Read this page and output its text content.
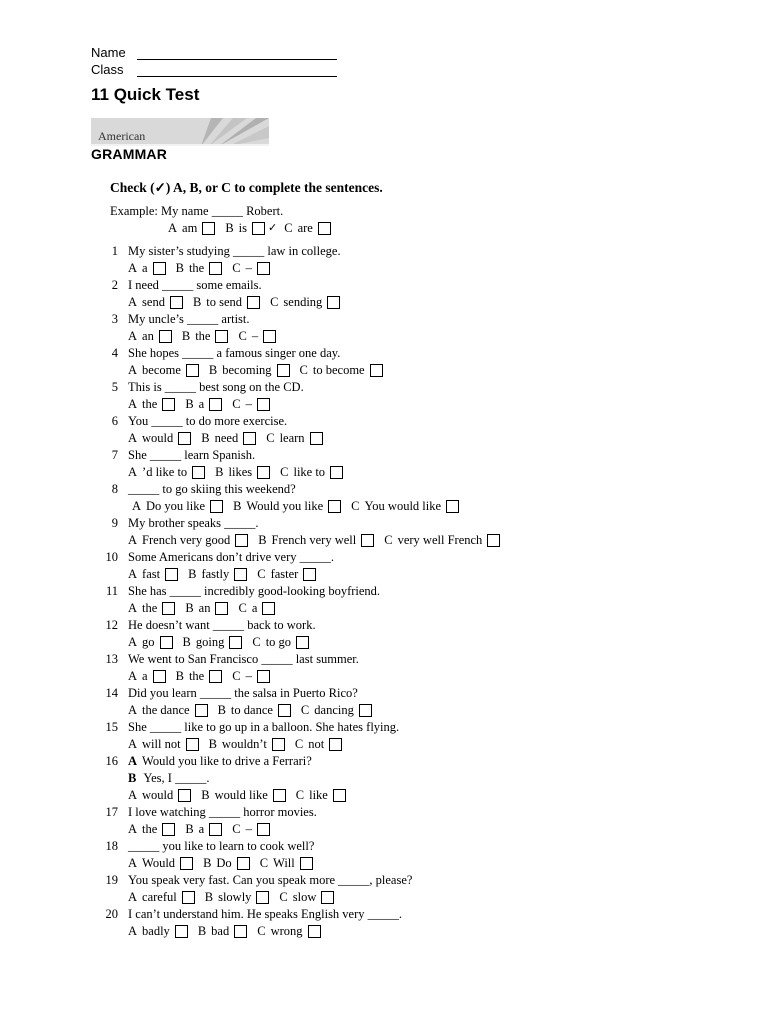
Name
Class
11 Quick Test
American
GRAMMAR
Check (✓) A, B, or C to complete the sentences.
Example: My name _____ Robert.
A am B is ✓ C are
1 My sister’s studying _____ law in college.
A a B the C –
2 I need _____ some emails.
A send B to send C sending
3 My uncle’s _____ artist.
A an B the C –
4 She hopes _____ a famous singer one day.
A become B becoming C to become
5 This is _____ best song on the CD.
A the B a C –
6 You _____ to do more exercise.
A would B need C learn
7 She _____ learn Spanish.
A ’d like to B likes C like to
8 _____ to go skiing this weekend?
A Do you like B Would you like C You would like
9 My brother speaks _____.
A French very good B French very well C very well French
10 Some Americans don’t drive very _____.
A fast B fastly C faster
11 She has _____ incredibly good-looking boyfriend.
A the B an C a
12 He doesn’t want _____ back to work.
A go B going C to go
13 We went to San Francisco _____ last summer.
A a B the C –
14 Did you learn _____ the salsa in Puerto Rico?
A the dance B to dance C dancing
15 She _____ like to go up in a balloon. She hates flying.
A will not B wouldn’t C not
16 A Would you like to drive a Ferrari?
B Yes, I _____.
A would B would like C like
17 I love watching _____ horror movies.
A the B a C –
18 _____ you like to learn to cook well?
A Would B Do C Will
19 You speak very fast. Can you speak more _____, please?
A careful B slowly C slow
20 I can’t understand him. He speaks English very _____.
A badly B bad C wrong
